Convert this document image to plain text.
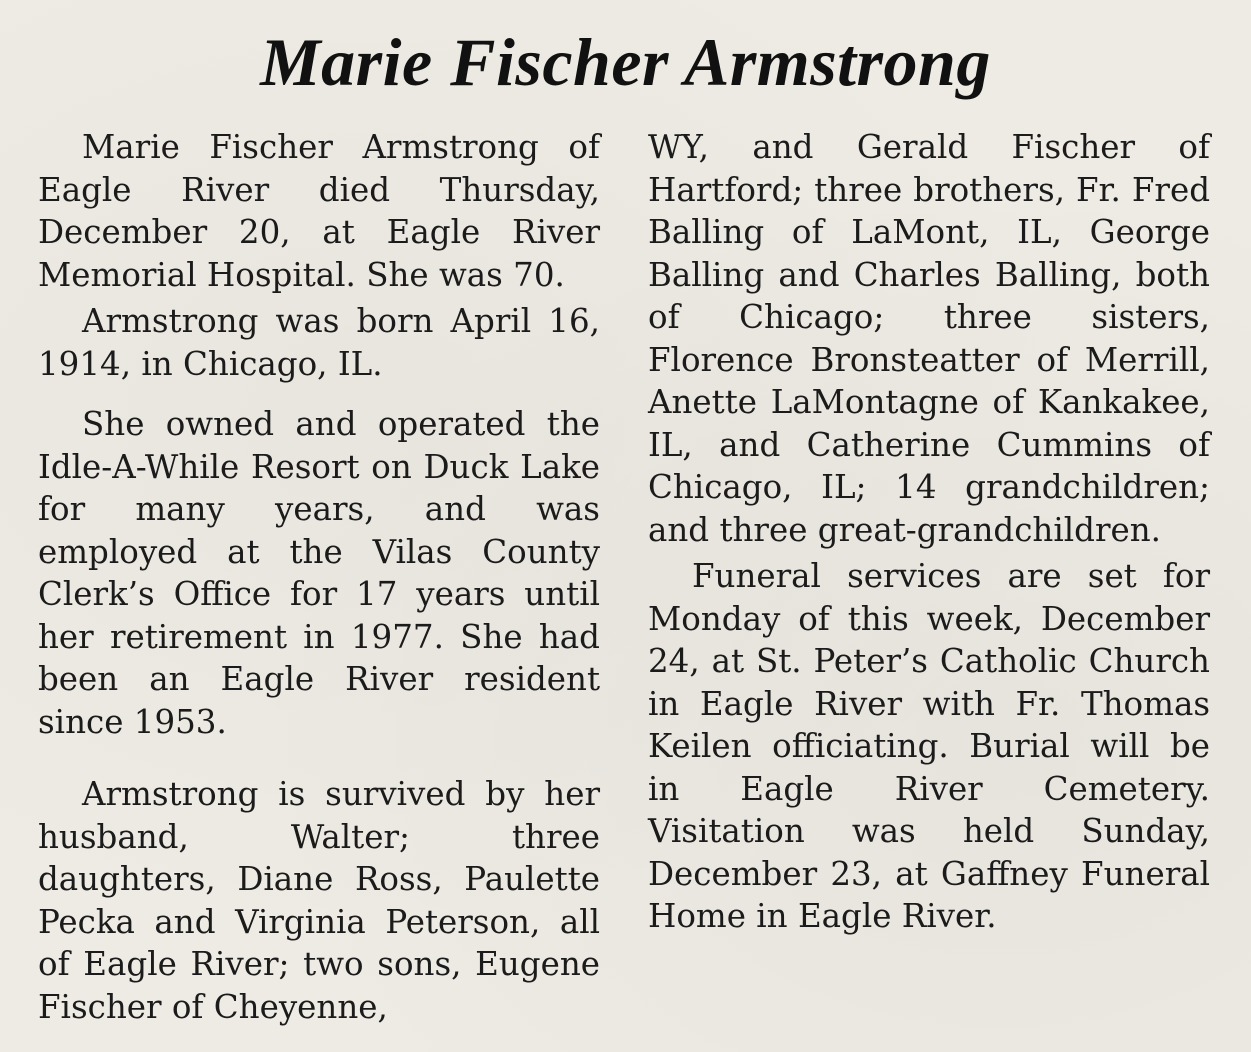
Marie Fischer Armstrong

Marie Fischer Armstrong of Eagle River died Thursday, December 20, at Eagle River Memorial Hospital. She was 70.

Armstrong was born April 16, 1914, in Chicago, IL.

She owned and operated the Idle-A-While Resort on Duck Lake for many years, and was employed at the Vilas County Clerk’s Office for 17 years until her retirement in 1977. She had been an Eagle River resident since 1953.

Armstrong is survived by her husband, Walter; three daughters, Diane Ross, Paulette Pecka and Virginia Peterson, all of Eagle River; two sons, Eugene Fischer of Cheyenne,

WY, and Gerald Fischer of Hartford; three brothers, Fr. Fred Balling of LaMont, IL, George Balling and Charles Balling, both of Chicago; three sisters, Florence Bronsteatter of Merrill, Anette LaMontagne of Kankakee, IL, and Catherine Cummins of Chicago, IL; 14 grandchildren; and three great-grandchildren.

Funeral services are set for Monday of this week, December 24, at St. Peter’s Catholic Church in Eagle River with Fr. Thomas Keilen officiating. Burial will be in Eagle River Cemetery. Visitation was held Sunday, December 23, at Gaffney Funeral Home in Eagle River.
